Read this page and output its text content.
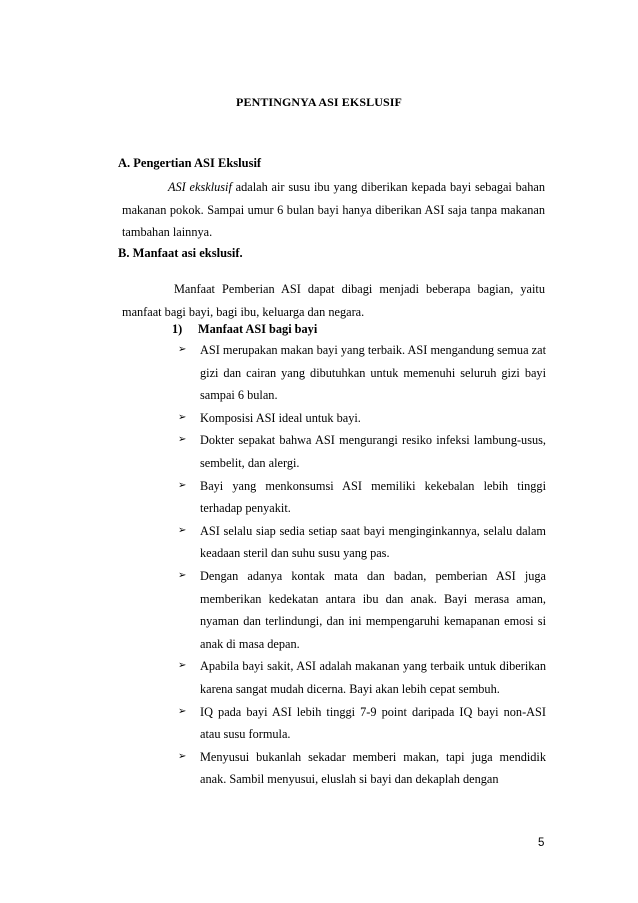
PENTINGNYA ASI EKSLUSIF
A. Pengertian ASI Ekslusif
ASI eksklusif adalah air susu ibu yang diberikan kepada bayi sebagai bahan makanan pokok. Sampai umur 6 bulan bayi hanya diberikan ASI saja tanpa makanan tambahan lainnya.
B. Manfaat asi ekslusif.
Manfaat Pemberian ASI dapat dibagi menjadi beberapa bagian, yaitu manfaat bagi bayi, bagi ibu, keluarga dan negara.
1) Manfaat ASI bagi bayi
➢	ASI merupakan makan bayi yang terbaik. ASI mengandung semua zat gizi dan cairan yang dibutuhkan untuk memenuhi seluruh gizi bayi sampai 6 bulan.
➢	Komposisi ASI ideal untuk bayi.
➢	Dokter sepakat bahwa ASI mengurangi resiko infeksi lambung-usus, sembelit, dan alergi.
➢	Bayi yang menkonsumsi ASI memiliki kekebalan lebih tinggi terhadap penyakit.
➢	ASI selalu siap sedia setiap saat bayi menginginkannya, selalu dalam keadaan steril dan suhu susu yang pas.
➢	Dengan adanya kontak mata dan badan, pemberian ASI juga memberikan kedekatan antara ibu dan anak. Bayi merasa aman, nyaman dan terlindungi, dan ini mempengaruhi kemapanan emosi si anak di masa depan.
➢	Apabila bayi sakit, ASI adalah makanan yang terbaik untuk diberikan karena sangat mudah dicerna. Bayi akan lebih cepat sembuh.
➢	IQ pada bayi ASI lebih tinggi 7-9 point daripada IQ bayi non-ASI atau susu formula.
➢	Menyusui bukanlah sekadar memberi makan, tapi juga mendidik anak. Sambil menyusui, eluslah si bayi dan dekaplah dengan
5
